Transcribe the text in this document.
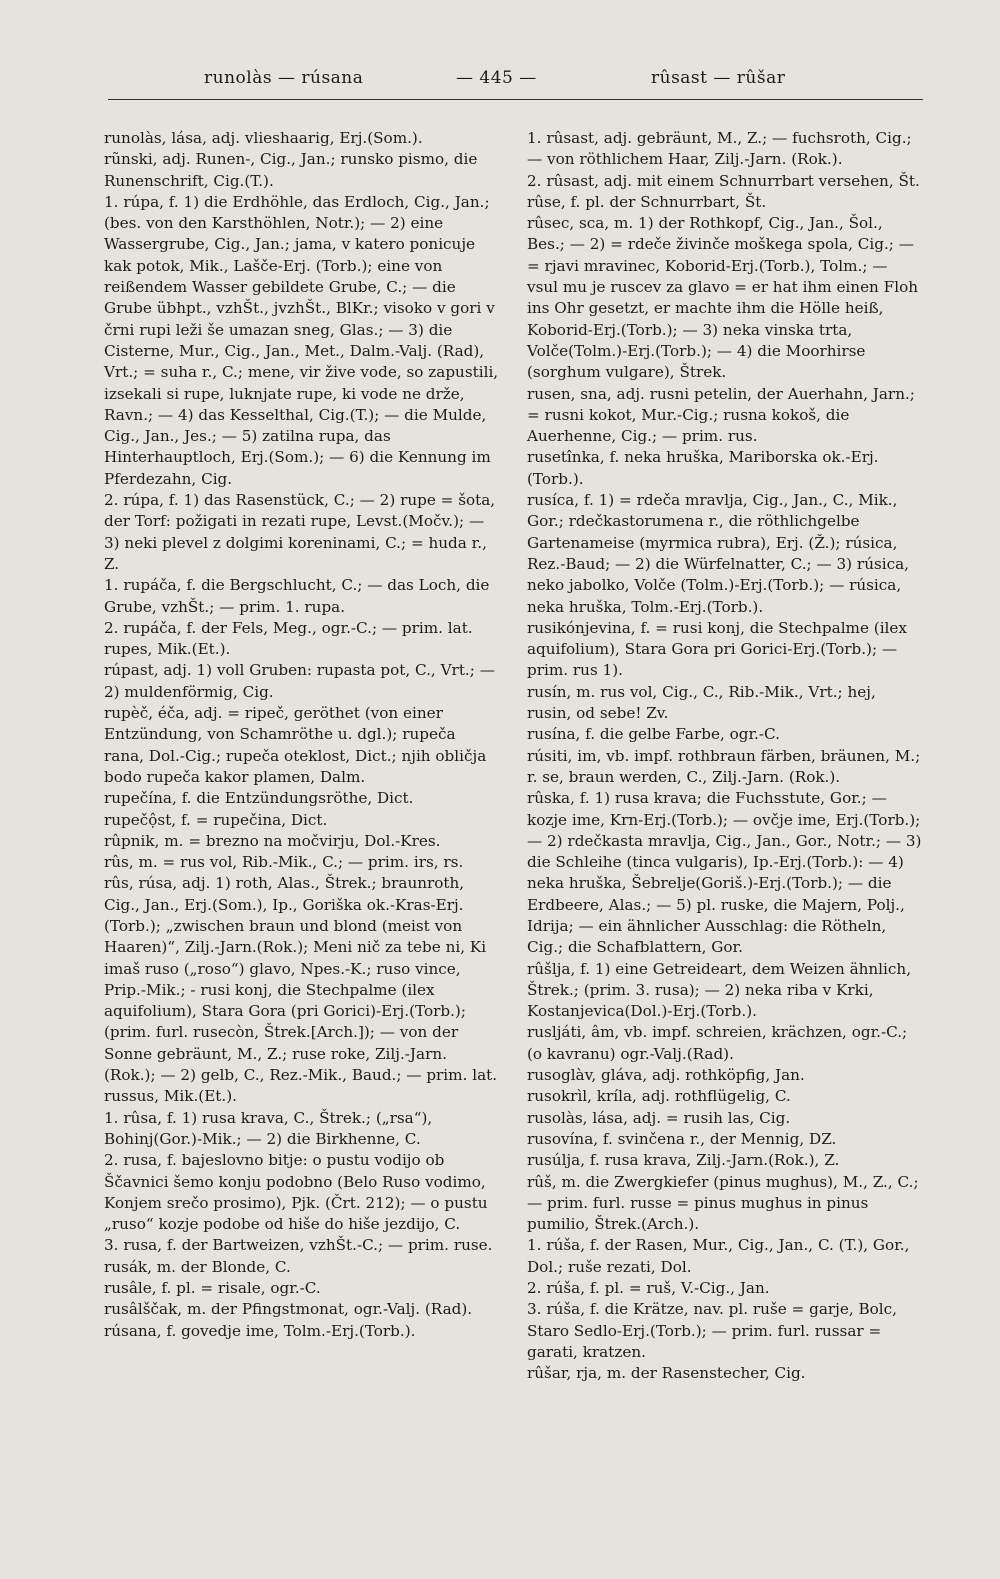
runolàs — rúsana	— 445 —	rûsast — rûšar

runolàs, lása, adj. vlieshaarig, Erj.(Som.).

rũnski, adj. Runen-, Cig., Jan.; runsko pismo, die Runenschrift, Cig.(T.).

1. rúpa, f. 1) die Erdhöhle, das Erdloch, Cig., Jan.; (bes. von den Karsthöhlen, Notr.); — 2) eine Wassergrube, Cig., Jan.; jama, v katero ponicuje kak potok, Mik., Lašče-Erj. (Torb.); eine von reißendem Wasser gebildete Grube, C.; — die Grube übhpt., vzhŠt., jvzhŠt., BlKr.; visoko v gori v črni rupi leži še umazan sneg, Glas.; — 3) die Cisterne, Mur., Cig., Jan., Met., Dalm.-Valj. (Rad), Vrt.; = suha r., C.; mene, vir žive vode, so zapustili, izsekali si rupe, luknjate rupe, ki vode ne drže, Ravn.; — 4) das Kesselthal, Cig.(T.); — die Mulde, Cig., Jan., Jes.; — 5) zatilna rupa, das Hinterhauptloch, Erj.(Som.); — 6) die Kennung im Pferdezahn, Cig.

2. rúpa, f. 1) das Rasenstück, C.; — 2) rupe = šota, der Torf: požigati in rezati rupe, Levst.(Močv.); — 3) neki plevel z dolgimi koreninami, C.; = huda r., Z.

1. rupáča, f. die Bergschlucht, C.; — das Loch, die Grube, vzhŠt.; — prim. 1. rupa.

2. rupáča, f. der Fels, Meg., ogr.-C.; — prim. lat. rupes, Mik.(Et.).

rúpast, adj. 1) voll Gruben: rupasta pot, C., Vrt.; — 2) muldenförmig, Cig.

rupèč, éča, adj. = ripeč, geröthet (von einer Entzündung, von Schamröthe u. dgl.); rupeča rana, Dol.-Cig.; rupeča oteklost, Dict.; njih obličja bodo rupeča kakor plamen, Dalm.

rupečína, f. die Entzündungsröthe, Dict.

rupečộst, f. = rupečina, Dict.

rûpnik, m. = brezno na močvirju, Dol.-Kres.

rûs, m. = rus vol, Rib.-Mik., C.; — prim. irs, rs.

rûs, rúsa, adj. 1) roth, Alas., Štrek.; braunroth, Cig., Jan., Erj.(Som.), Ip., Goriška ok.-Kras-Erj.(Torb.); „zwischen braun und blond (meist von Haaren)“, Zilj.-Jarn.(Rok.); Meni nič za tebe ni, Ki imaš ruso („roso“) glavo, Npes.-K.; ruso vince, Prip.-Mik.; - rusi konj, die Stechpalme (ilex aquifolium), Stara Gora (pri Gorici)-Erj.(Torb.); (prim. furl. rusecòn, Štrek.[Arch.]); — von der Sonne gebräunt, M., Z.; ruse roke, Zilj.-Jarn. (Rok.); — 2) gelb, C., Rez.-Mik., Baud.; — prim. lat. russus, Mik.(Et.).

1. rûsa, f. 1) rusa krava, C., Štrek.; („rsa“), Bohinj(Gor.)-Mik.; — 2) die Birkhenne, C.

2. rusa, f. bajeslovno bitje: o pustu vodijo ob Ščavnici šemo konju podobno (Belo Ruso vodimo, Konjem srečo prosimo), Pjk. (Črt. 212); — o pustu „ruso“ kozje podobe od hiše do hiše jezdijo, C.

3. rusa, f. der Bartweizen, vzhŠt.-C.; — prim. ruse.

rusák, m. der Blonde, C.

rusâle, f. pl. = risale, ogr.-C.

rusâlščak, m. der Pfingstmonat, ogr.-Valj. (Rad).

rúsana, f. govedje ime, Tolm.-Erj.(Torb.).

1. rûsast, adj. gebräunt, M., Z.; — fuchsroth, Cig.; — von röthlichem Haar, Zilj.-Jarn. (Rok.).

2. rûsast, adj. mit einem Schnurrbart versehen, Št.

rûse, f. pl. der Schnurrbart, Št.

rûsec, sca, m. 1) der Rothkopf, Cig., Jan., Šol., Bes.; — 2) = rdeče živinče moškega spola, Cig.; — = rjavi mravinec, Koborid-Erj.(Torb.), Tolm.; — vsul mu je ruscev za glavo = er hat ihm einen Floh ins Ohr gesetzt, er machte ihm die Hölle heiß, Koborid-Erj.(Torb.); — 3) neka vinska trta, Volče(Tolm.)-Erj.(Torb.); — 4) die Moorhirse (sorghum vulgare), Štrek.

rusen, sna, adj. rusni petelin, der Auerhahn, Jarn.; = rusni kokot, Mur.-Cig.; rusna kokoš, die Auerhenne, Cig.; — prim. rus.

rusetînka, f. neka hruška, Mariborska ok.-Erj.(Torb.).

rusíca, f. 1) = rdeča mravlja, Cig., Jan., C., Mik., Gor.; rdečkastorumena r., die röthlichgelbe Gartenameise (myrmica rubra), Erj. (Ž.); rúsica, Rez.-Baud; — 2) die Würfelnatter, C.; — 3) rúsica, neko jabolko, Volče (Tolm.)-Erj.(Torb.); — rúsica, neka hruška, Tolm.-Erj.(Torb.).

rusikónjevina, f. = rusi konj, die Stechpalme (ilex aquifolium), Stara Gora pri Gorici-Erj.(Torb.); — prim. rus 1).

rusín, m. rus vol, Cig., C., Rib.-Mik., Vrt.; hej, rusin, od sebe! Zv.

rusína, f. die gelbe Farbe, ogr.-C.

rúsiti, im, vb. impf. rothbraun färben, bräunen, M.; r. se, braun werden, C., Zilj.-Jarn. (Rok.).

rûska, f. 1) rusa krava; die Fuchsstute, Gor.; — kozje ime, Krn-Erj.(Torb.); — ovčje ime, Erj.(Torb.); — 2) rdečkasta mravlja, Cig., Jan., Gor., Notr.; — 3) die Schleihe (tinca vulgaris), Ip.-Erj.(Torb.): — 4) neka hruška, Šebrelje(Goriš.)-Erj.(Torb.); — die Erdbeere, Alas.; — 5) pl. ruske, die Majern, Polj., Idrija; — ein ähnlicher Ausschlag: die Rötheln, Cig.; die Schafblattern, Gor.

rûšlja, f. 1) eine Getreideart, dem Weizen ähnlich, Štrek.; (prim. 3. rusa); — 2) neka riba v Krki, Kostanjevica(Dol.)-Erj.(Torb.).

rusljáti, âm, vb. impf. schreien, krächzen, ogr.-C.; (o kavranu) ogr.-Valj.(Rad).

rusoglàv, gláva, adj. rothköpfig, Jan.

rusokrìl, kríla, adj. rothflügelig, C.

rusolàs, lása, adj. = rusih las, Cig.

rusovína, f. svinčena r., der Mennig, DZ.

rusúlja, f. rusa krava, Zilj.-Jarn.(Rok.), Z.

rûš, m. die Zwergkiefer (pinus mughus), M., Z., C.; — prim. furl. russe = pinus mughus in pinus pumilio, Štrek.(Arch.).

1. rúša, f. der Rasen, Mur., Cig., Jan., C. (T.), Gor., Dol.; ruše rezati, Dol.

2. rúša, f. pl. = ruš, V.-Cig., Jan.

3. rúša, f. die Krätze, nav. pl. ruše = garje, Bolc, Staro Sedlo-Erj.(Torb.); — prim. furl. russar = garati, kratzen.

rûšar, rja, m. der Rasenstecher, Cig.
